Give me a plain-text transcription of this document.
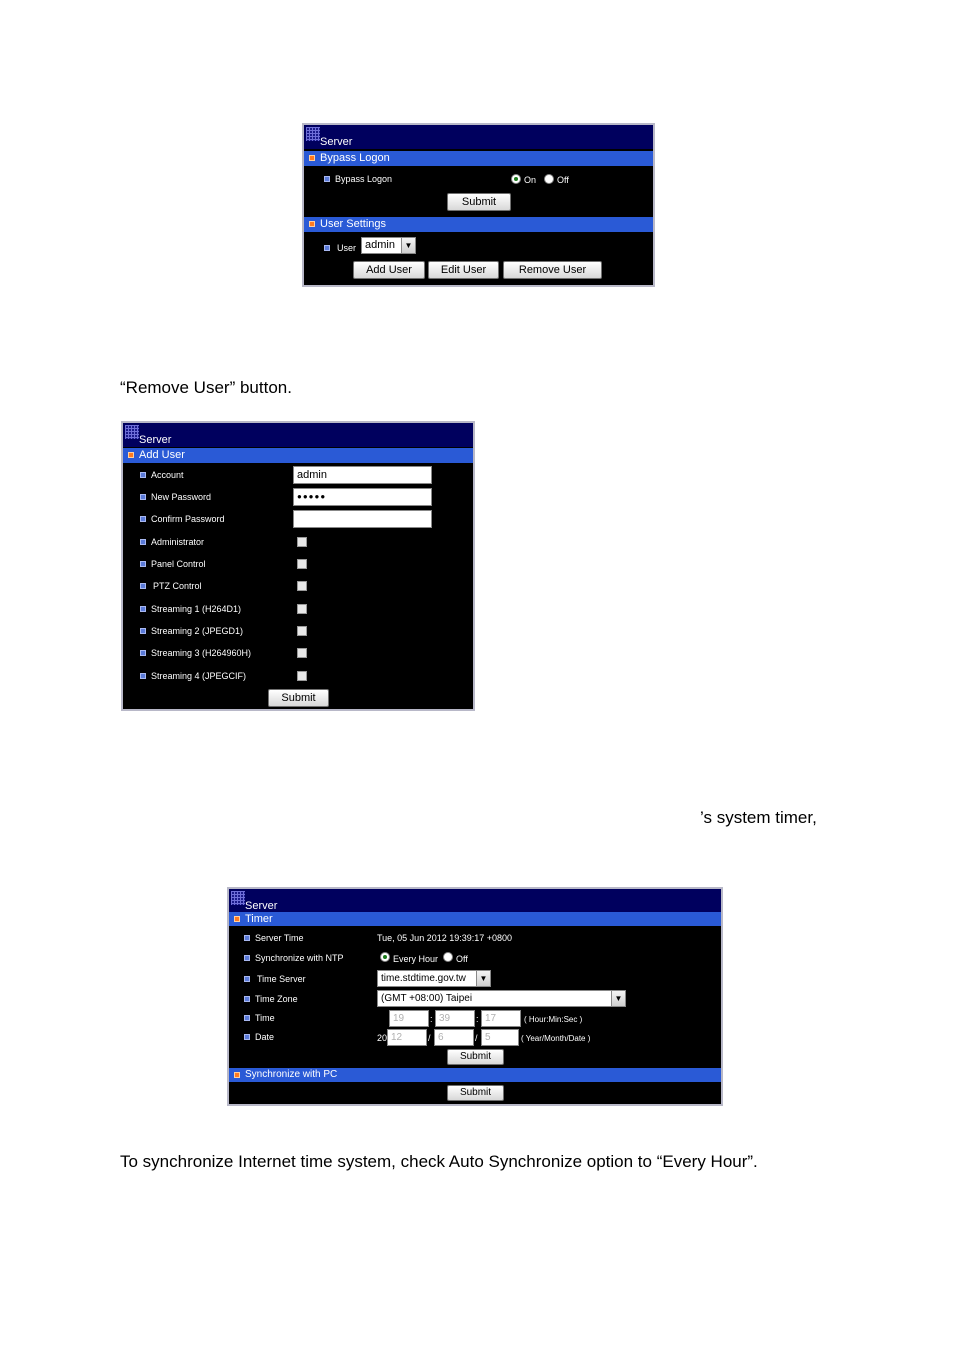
Server
Bypass Logon
Bypass Logon	On Off
Submit
User Settings
User admin	▼
Add User	Edit User	Remove User
“Remove User” button.
Server
Add User
Account	admin
New Password	●●●●●
Confirm Password
Administrator
Panel Control
PTZ Control
Streaming 1 (H264D1)
Streaming 2 (JPEGD1)
Streaming 3 (H264960H)
Streaming 4 (JPEGCIF)
Submit
’s system timer,
Server
Timer
Server Time	Tue, 05 Jun 2012 19:39:17 +0800
Synchronize with NTP	Every Hour Off
Time Server	time.stdtime.gov.tw	▼
Time Zone	(GMT +08:00) Taipei	▼
Time	19	: 39	: 17	( Hour:Min:Sec )
Date	20 12	/ 6	/ 5	( Year/Month/Date )
Submit
Synchronize with PC
Submit
To synchronize Internet time system, check Auto Synchronize option to “Every Hour”.
